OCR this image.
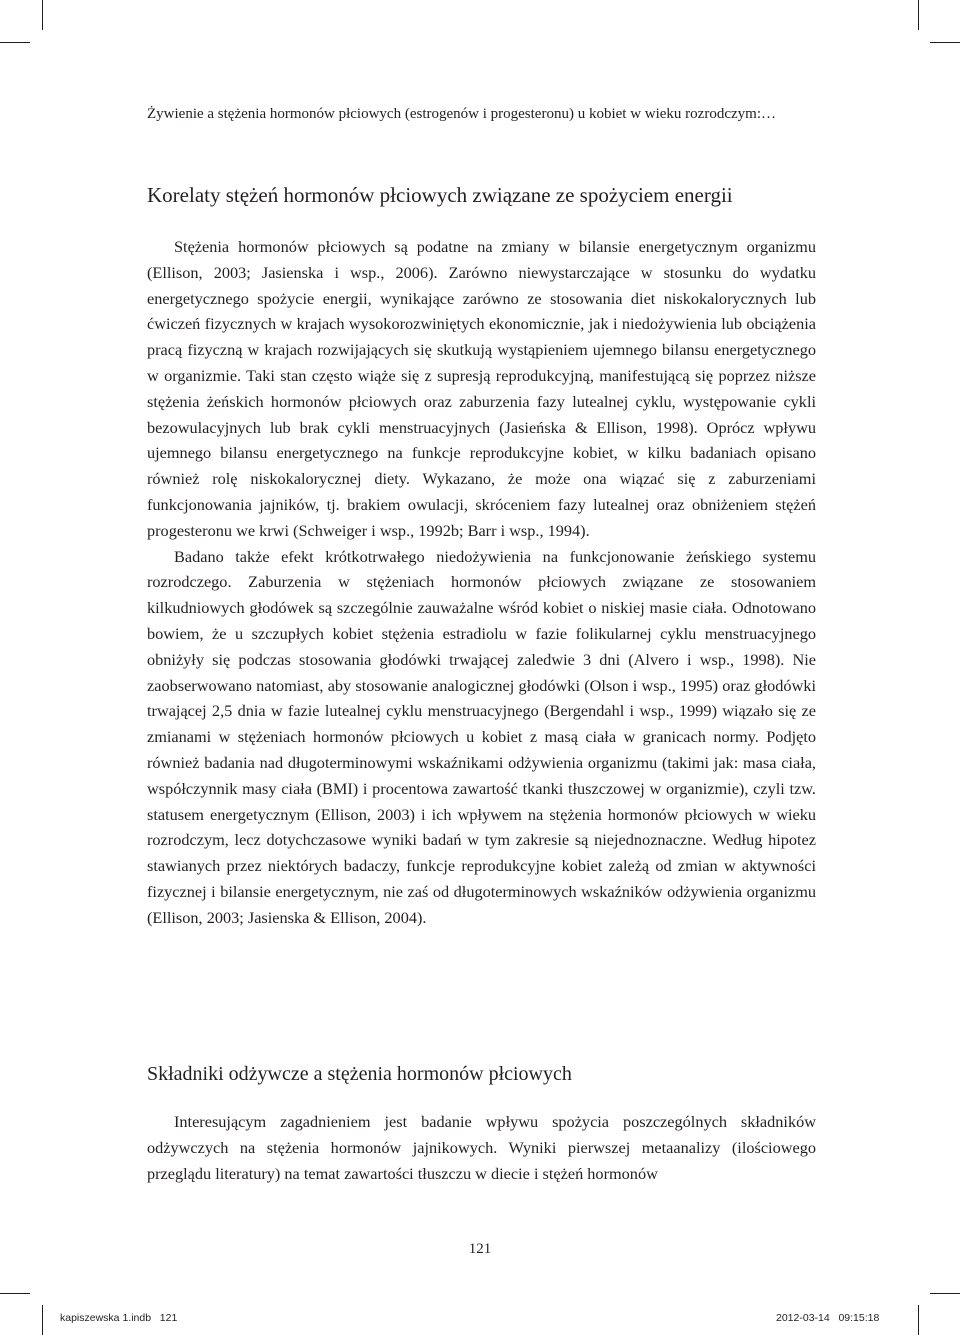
Żywienie a stężenia hormonów płciowych (estrogenów i progesteronu) u kobiet w wieku rozrodczym:…
Korelaty stężeń hormonów płciowych związane ze spożyciem energii

Stężenia hormonów płciowych są podatne na zmiany w bilansie energetycznym organizmu (Ellison, 2003; Jasienska i wsp., 2006). Zarówno niewystarczające w stosunku do wydatku energetycznego spożycie energii, wynikające zarówno ze stosowania diet niskokalorycznych lub ćwiczeń fizycznych w krajach wysokorozwiniętych ekonomicznie, jak i niedożywienia lub obciążenia pracą fizyczną w krajach rozwijających się skutkują wystąpieniem ujemnego bilansu energetycznego w organizmie. Taki stan często wiąże się z supresją reprodukcyjną, manifestującą się poprzez niższe stężenia żeńskich hormonów płciowych oraz zaburzenia fazy lutealnej cyklu, występowanie cykli bezowulacyjnych lub brak cykli menstruacyjnych (Jasieńska & Ellison, 1998). Oprócz wpływu ujemnego bilansu energetycznego na funkcje reprodukcyjne kobiet, w kilku badaniach opisano również rolę niskokalorycznej diety. Wykazano, że może ona wiązać się z zaburzeniami funkcjonowania jajników, tj. brakiem owulacji, skróceniem fazy lutealnej oraz obniżeniem stężeń progesteronu we krwi (Schweiger i wsp., 1992b; Barr i wsp., 1994).

Badano także efekt krótkotrwałego niedożywienia na funkcjonowanie żeńskiego systemu rozrodczego. Zaburzenia w stężeniach hormonów płciowych związane ze stosowaniem kilkudniowych głodówek są szczególnie zauważalne wśród kobiet o niskiej masie ciała. Odnotowano bowiem, że u szczupłych kobiet stężenia estradiolu w fazie folikularnej cyklu menstruacyjnego obniżyły się podczas stosowania głodówki trwającej zaledwie 3 dni (Alvero i wsp., 1998). Nie zaobserwowano natomiast, aby stosowanie analogicznej głodówki (Olson i wsp., 1995) oraz głodówki trwającej 2,5 dnia w fazie lutealnej cyklu menstruacyjnego (Bergendahl i wsp., 1999) wiązało się ze zmianami w stężeniach hormonów płciowych u kobiet z masą ciała w granicach normy. Podjęto również badania nad długoterminowymi wskaźnikami odżywienia organizmu (takimi jak: masa ciała, współczynnik masy ciała (BMI) i procentowa zawartość tkanki tłuszczowej w organizmie), czyli tzw. statusem energetycznym (Ellison, 2003) i ich wpływem na stężenia hormonów płciowych w wieku rozrodczym, lecz dotychczasowe wyniki badań w tym zakresie są niejednoznaczne. Według hipotez stawianych przez niektórych badaczy, funkcje reprodukcyjne kobiet zależą od zmian w aktywności fizycznej i bilansie energetycznym, nie zaś od długoterminowych wskaźników odżywienia organizmu (Ellison, 2003; Jasienska & Ellison, 2004).

Składniki odżywcze a stężenia hormonów płciowych

Interesującym zagadnieniem jest badanie wpływu spożycia poszczególnych składników odżywczych na stężenia hormonów jajnikowych. Wyniki pierwszej metaanalizy (ilościowego przeglądu literatury) na temat zawartości tłuszczu w diecie i stężeń hormonów

121
kapiszewska 1.indb   121	2012-03-14   09:15:18
